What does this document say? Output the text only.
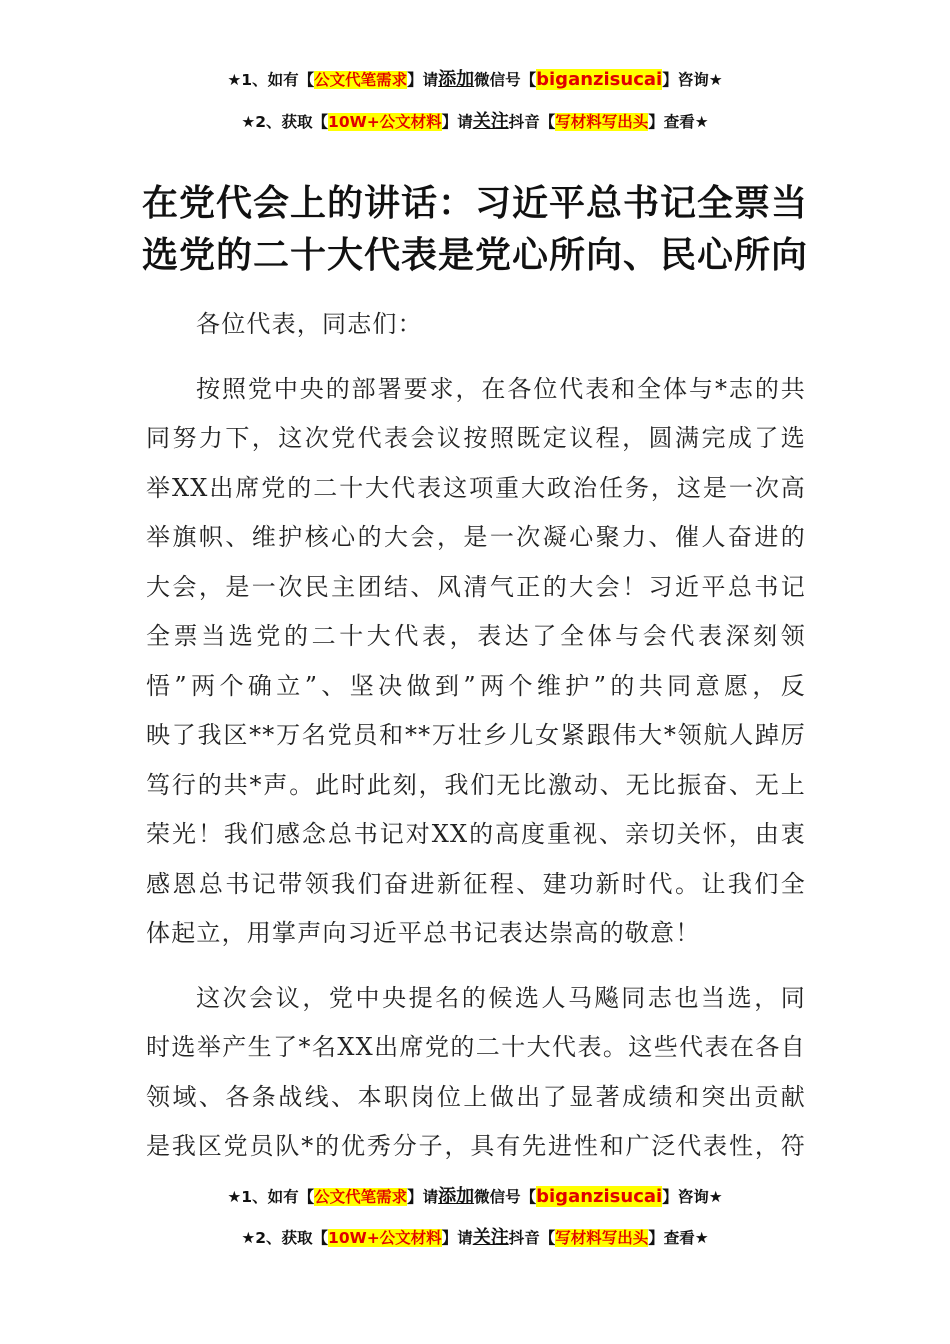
★1、如有【公文代笔需求】请添加微信号【biganzisucai】咨询★
★2、获取【10W+公文材料】请关注抖音【写材料写出头】查看★
在党代会上的讲话：习近平总书记全票当
选党的二十大代表是党心所向、民心所向
各位代表，同志们：
按照党中央的部署要求，在各位代表和全体与*志的共
同努力下，这次党代表会议按照既定议程，圆满完成了选
举XX出席党的二十大代表这项重大政治任务，这是一次高
举旗帜、维护核心的大会，是一次凝心聚力、催人奋进的
大会，是一次民主团结、风清气正的大会！习近平总书记
全票当选党的二十大代表，表达了全体与会代表深刻领
悟”两个确立”、坚决做到”两个维护”的共同意愿，反
映了我区**万名党员和**万壮乡儿女紧跟伟大*领航人踔厉
笃行的共*声。此时此刻，我们无比激动、无比振奋、无上
荣光！我们感念总书记对XX的高度重视、亲切关怀，由衷
感恩总书记带领我们奋进新征程、建功新时代。让我们全
体起立，用掌声向习近平总书记表达崇高的敬意！
这次会议，党中央提名的候选人马飚同志也当选，同
时选举产生了*名XX出席党的二十大代表。这些代表在各自
领域、各条战线、本职岗位上做出了显著成绩和突出贡献
是我区党员队*的优秀分子，具有先进性和广泛代表性，符
★1、如有【公文代笔需求】请添加微信号【biganzisucai】咨询★
★2、获取【10W+公文材料】请关注抖音【写材料写出头】查看★
